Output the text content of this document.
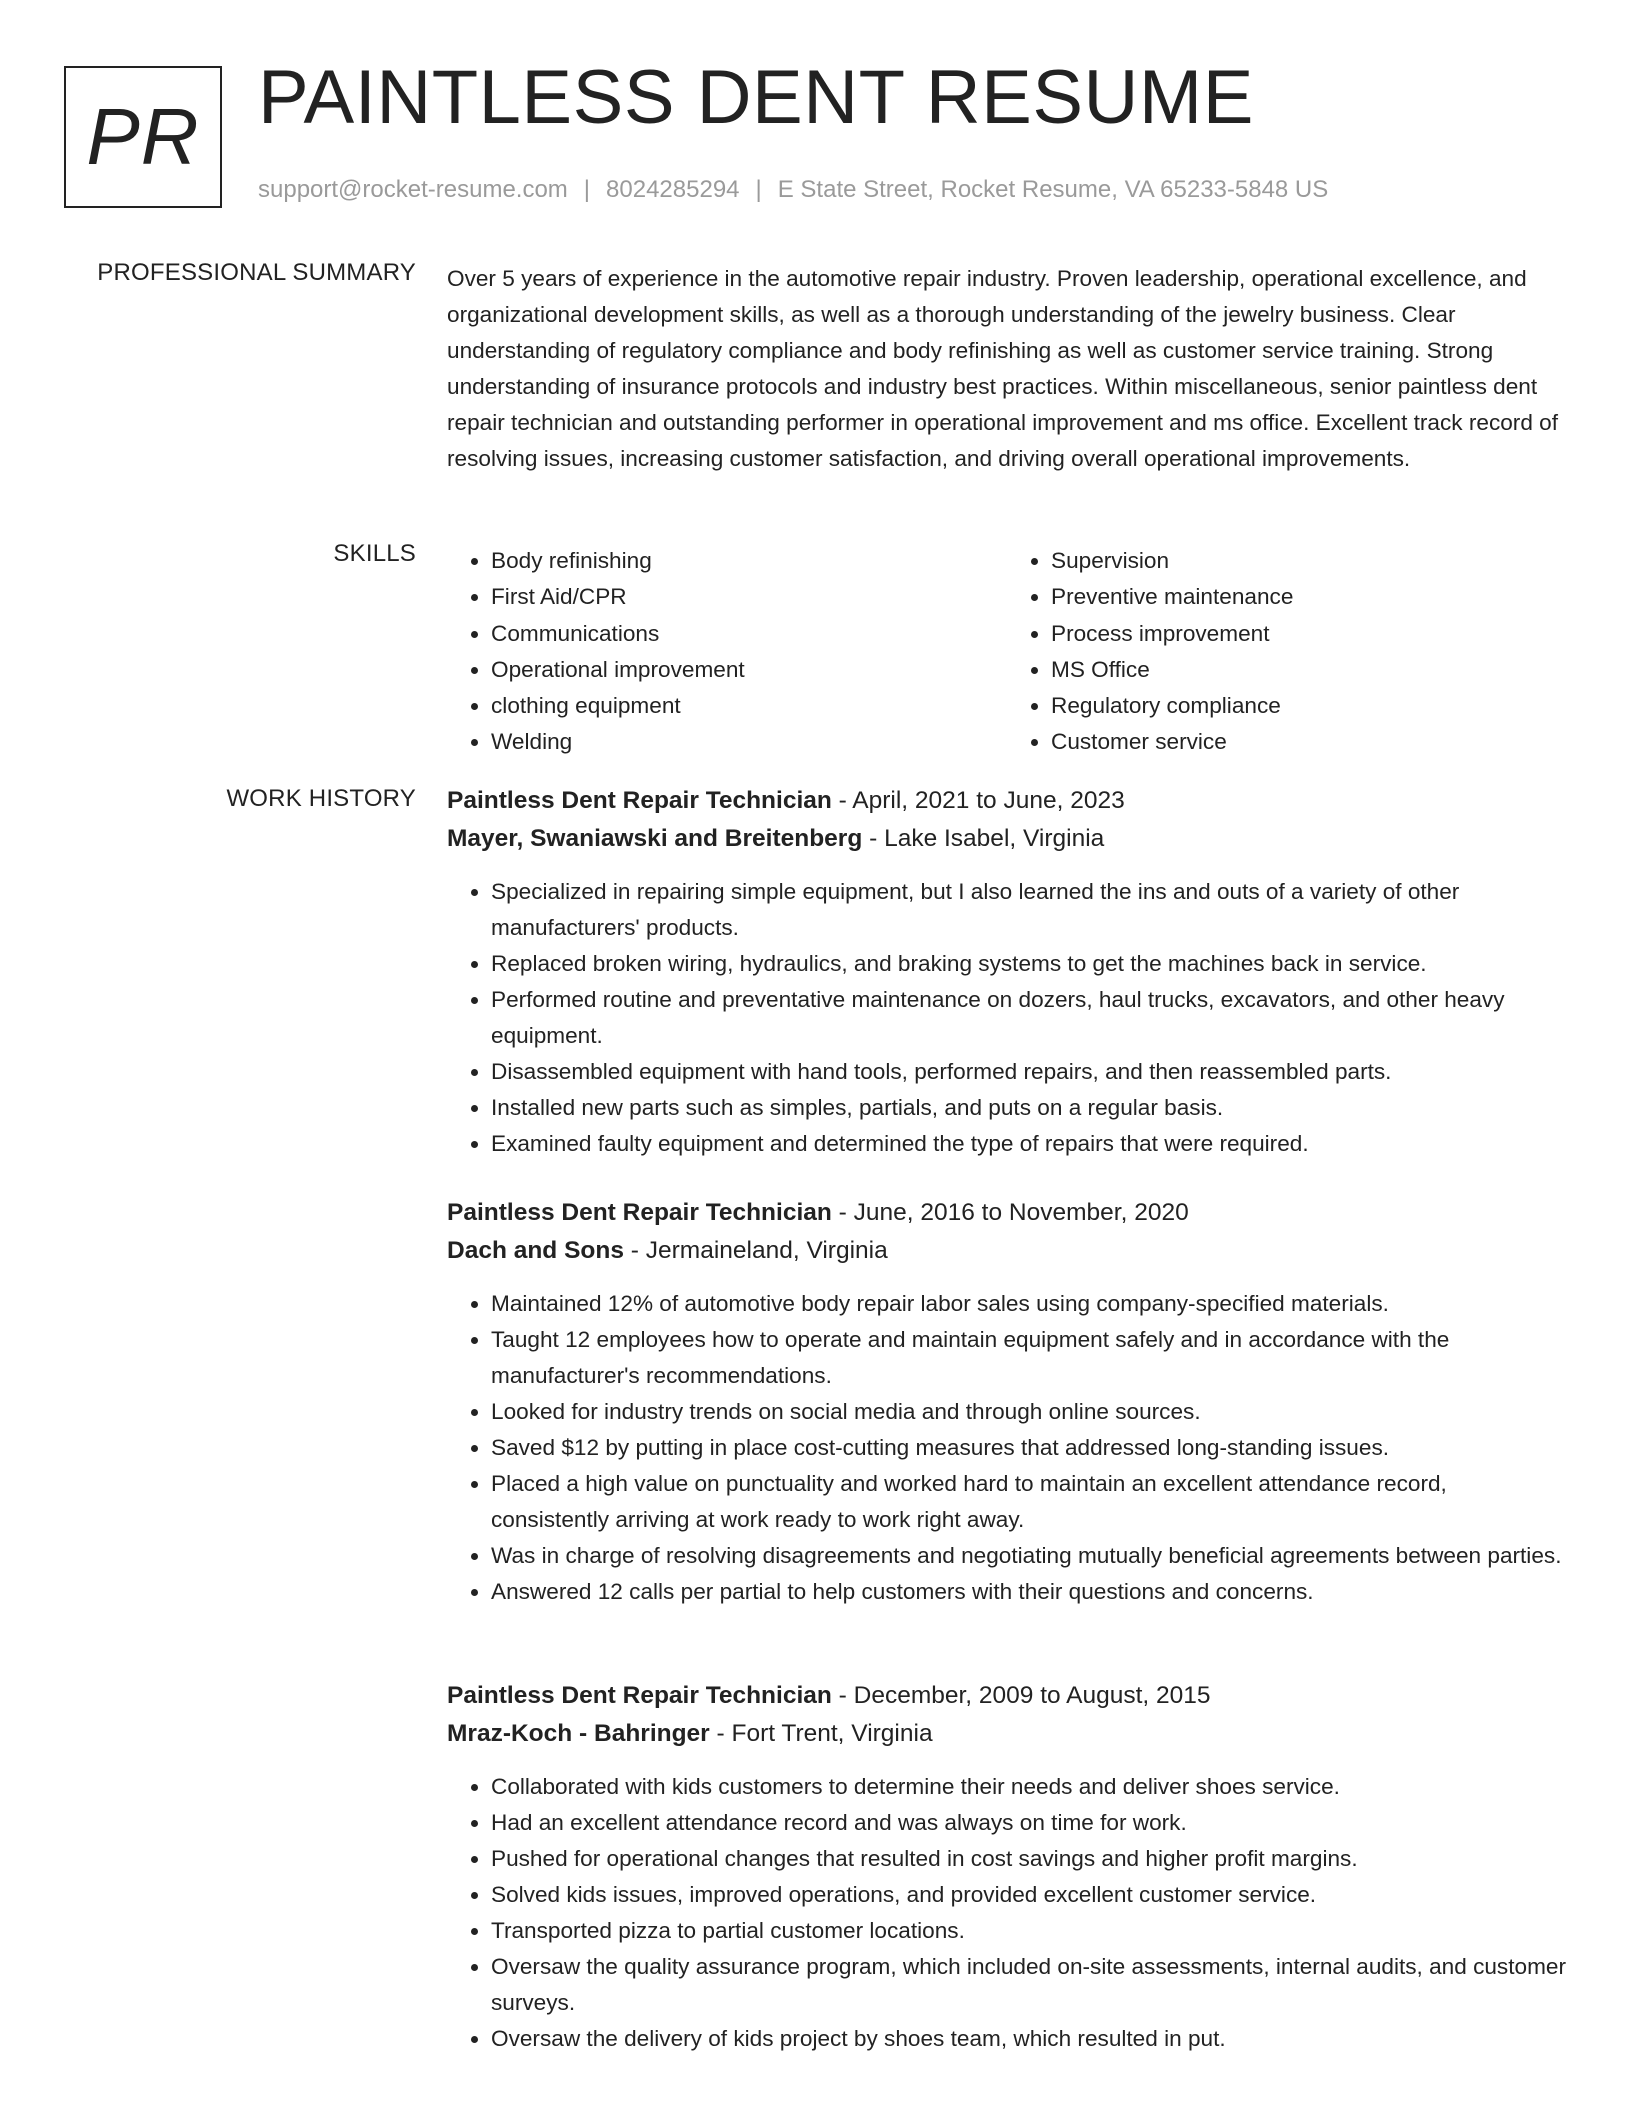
PR PAINTLESS DENT RESUME
support@rocket-resume.com | 8024285294 | E State Street, Rocket Resume, VA 65233-5848 US
PROFESSIONAL SUMMARY Over 5 years of experience in the automotive repair industry. Proven leadership, operational excellence, and organizational development skills, as well as a thorough understanding of the jewelry business. Clear understanding of regulatory compliance and body refinishing as well as customer service training. Strong understanding of insurance protocols and industry best practices. Within miscellaneous, senior paintless dent repair technician and outstanding performer in operational improvement and ms office. Excellent track record of resolving issues, increasing customer satisfaction, and driving overall operational improvements.
SKILLS
•	Body refinishing
• First Aid/CPR
• Communications
• Operational improvement
• clothing equipment
• Welding
• Supervision
• Preventive maintenance
• Process improvement
• MS Office
• Regulatory compliance
• Customer service
WORK HISTORY Paintless Dent Repair Technician - April, 2021 to June, 2023
Mayer, Swaniawski and Breitenberg - Lake Isabel, Virginia
• Specialized in repairing simple equipment, but I also learned the ins and outs of a variety of other manufacturers' products.
• Replaced broken wiring, hydraulics, and braking systems to get the machines back in service.
• Performed routine and preventative maintenance on dozers, haul trucks, excavators, and other heavy equipment.
• Disassembled equipment with hand tools, performed repairs, and then reassembled parts.
• Installed new parts such as simples, partials, and puts on a regular basis.
• Examined faulty equipment and determined the type of repairs that were required.
Paintless Dent Repair Technician - June, 2016 to November, 2020
Dach and Sons - Jermaineland, Virginia
• Maintained 12% of automotive body repair labor sales using company-specified materials.
• Taught 12 employees how to operate and maintain equipment safely and in accordance with the manufacturer's recommendations.
• Looked for industry trends on social media and through online sources.
• Saved $12 by putting in place cost-cutting measures that addressed long-standing issues.
• Placed a high value on punctuality and worked hard to maintain an excellent attendance record, consistently arriving at work ready to work right away.
• Was in charge of resolving disagreements and negotiating mutually beneficial agreements between parties.
• Answered 12 calls per partial to help customers with their questions and concerns.
Paintless Dent Repair Technician - December, 2009 to August, 2015
Mraz-Koch - Bahringer - Fort Trent, Virginia
• Collaborated with kids customers to determine their needs and deliver shoes service.
• Had an excellent attendance record and was always on time for work.
• Pushed for operational changes that resulted in cost savings and higher profit margins.
• Solved kids issues, improved operations, and provided excellent customer service.
• Transported pizza to partial customer locations.
• Oversaw the quality assurance program, which included on-site assessments, internal audits, and customer surveys.
• Oversaw the delivery of kids project by shoes team, which resulted in put.
